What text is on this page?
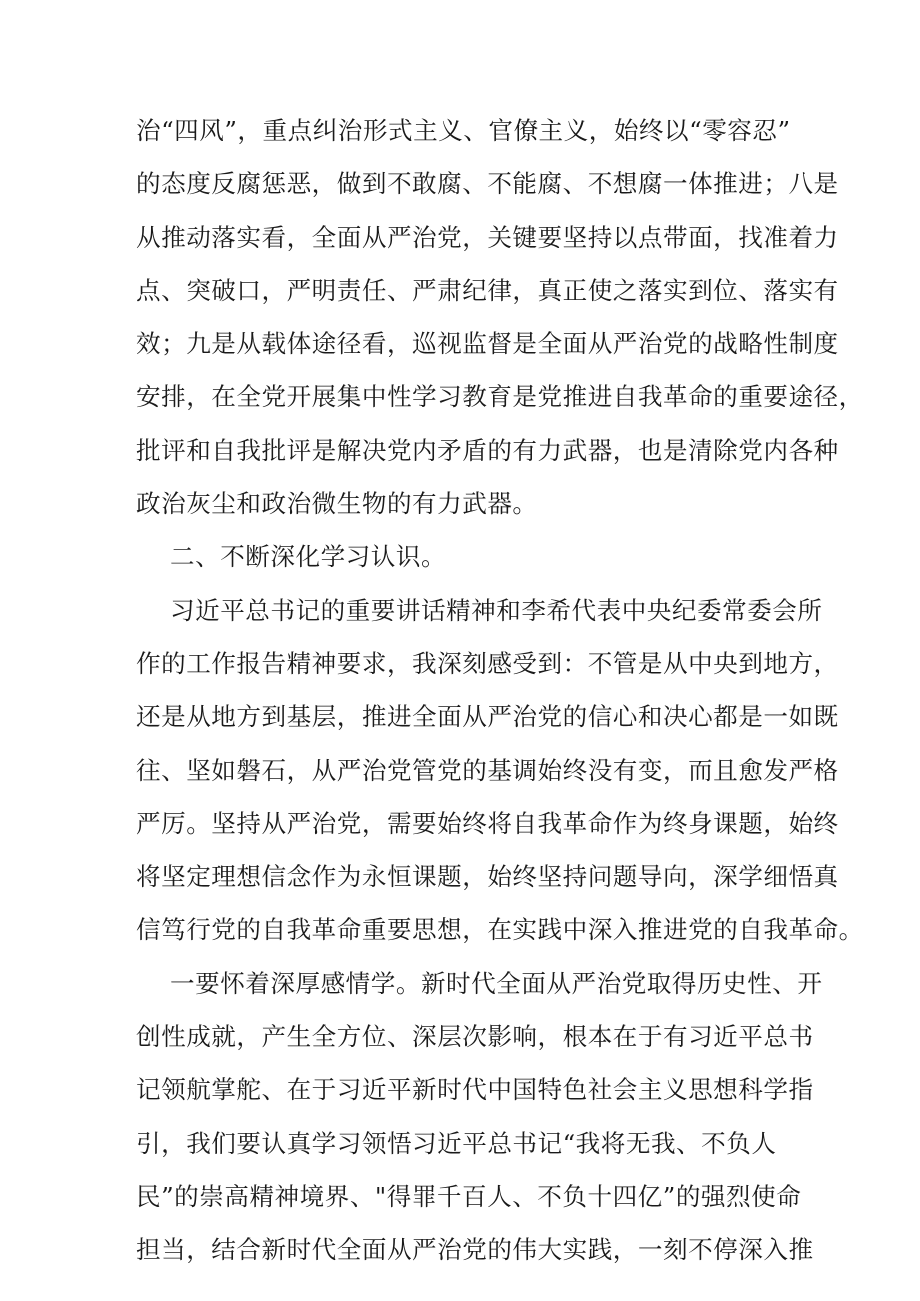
治“四风”，重点纠治形式主义、官僚主义，始终以“零容忍”
的态度反腐惩恶，做到不敢腐、不能腐、不想腐一体推进；八是
从推动落实看，全面从严治党，关键要坚持以点带面，找准着力
点、突破口，严明责任、严肃纪律，真正使之落实到位、落实有
效；九是从载体途径看，巡视监督是全面从严治党的战略性制度
安排，在全党开展集中性学习教育是党推进自我革命的重要途径，
批评和自我批评是解决党内矛盾的有力武器，也是清除党内各种
政治灰尘和政治微生物的有力武器。
二、不断深化学习认识。
习近平总书记的重要讲话精神和李希代表中央纪委常委会所
作的工作报告精神要求，我深刻感受到：不管是从中央到地方，
还是从地方到基层，推进全面从严治党的信心和决心都是一如既
往、坚如磐石，从严治党管党的基调始终没有变，而且愈发严格
严厉。坚持从严治党，需要始终将自我革命作为终身课题，始终
将坚定理想信念作为永恒课题，始终坚持问题导向，深学细悟真
信笃行党的自我革命重要思想，在实践中深入推进党的自我革命。
一要怀着深厚感情学。新时代全面从严治党取得历史性、开
创性成就，产生全方位、深层次影响，根本在于有习近平总书
记领航掌舵、在于习近平新时代中国特色社会主义思想科学指
引，我们要认真学习领悟习近平总书记“我将无我、不负人
民”的崇高精神境界、"得罪千百人、不负十四亿”的强烈使命
担当，结合新时代全面从严治党的伟大实践，一刻不停深入推
